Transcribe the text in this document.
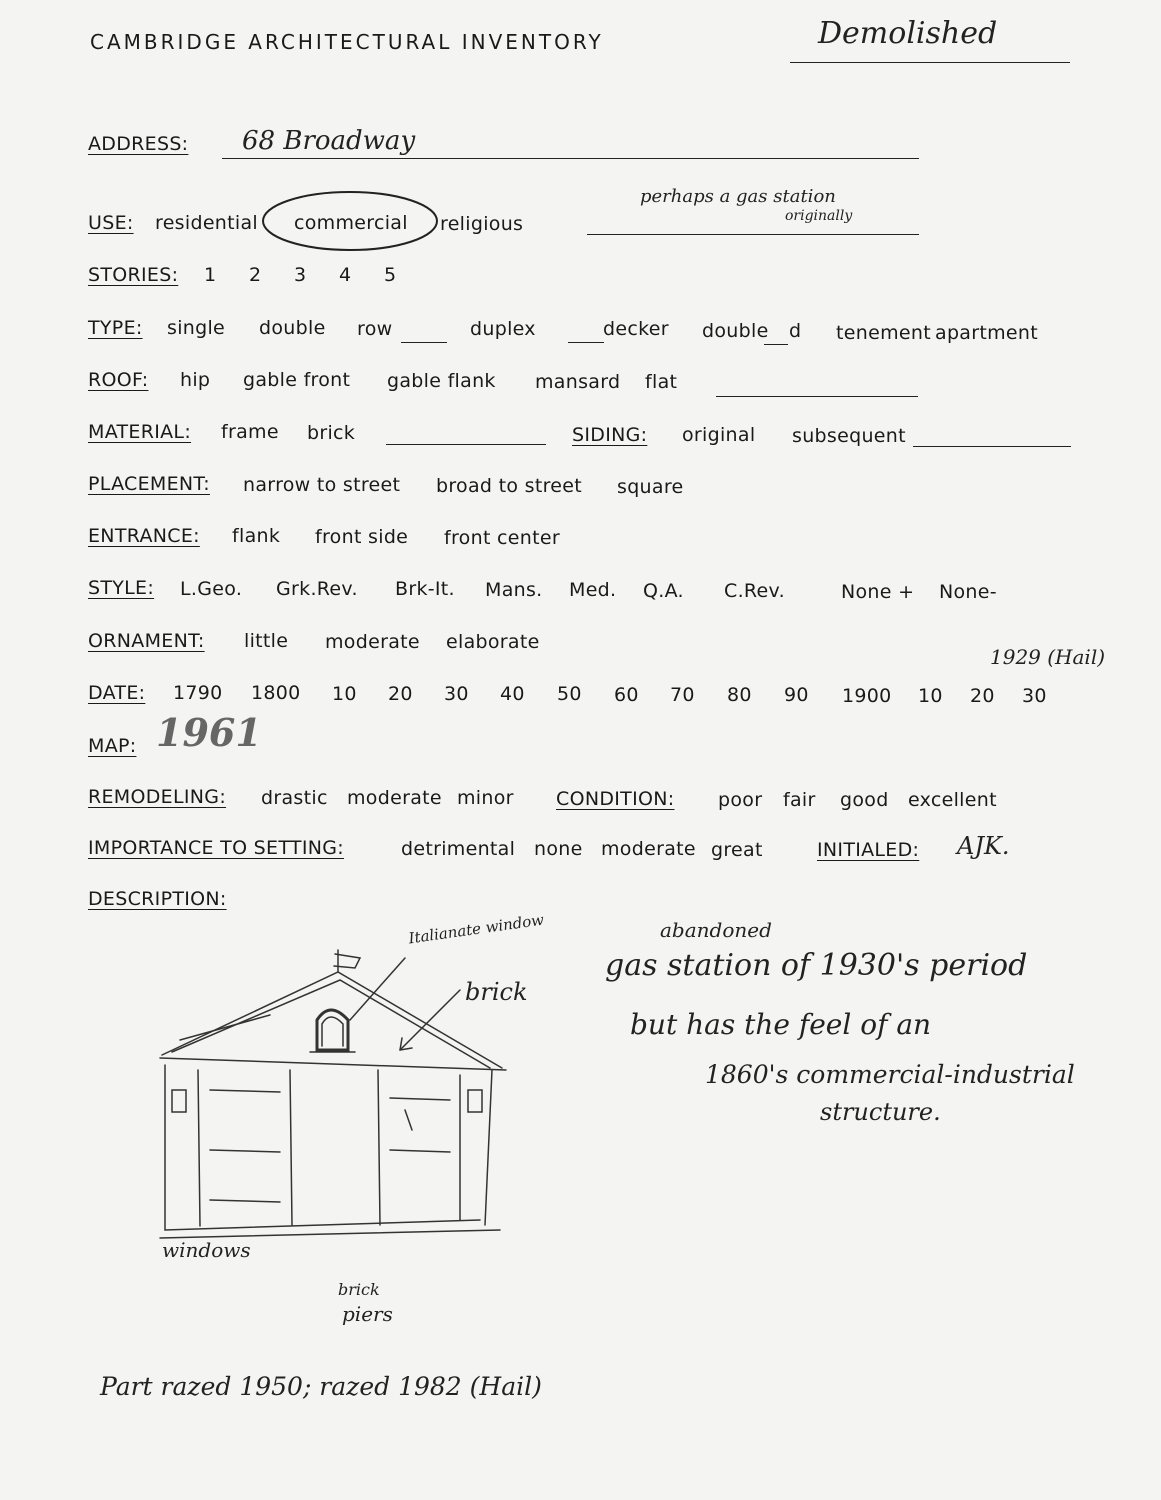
CAMBRIDGE ARCHITECTURAL INVENTORY	Demolished
ADDRESS: 68 Broadway
USE: residential commercial religious
perhaps a gas station
originally
STORIES: 1 2 3 4 5
TYPE: single double row	duplex	decker double d tenement apartment
ROOF: hip gable front gable flank mansard flat
MATERIAL: frame brick	SIDING: original subsequent
PLACEMENT: narrow to street broad to street square
ENTRANCE: flank front side front center
STYLE: L.Geo. Grk.Rev. Brk-It. Mans. Med. Q.A. C.Rev.	None + None-
ORNAMENT: little moderate elaborate
DATE: 1790 1800 10 20 30 40 50 60 70 80 90 1900 10 20 30
1929 (Hail)
MAP: 1961
REMODELING: drastic moderate minor CONDITION: poor fair good excellent
IMPORTANCE TO SETTING:	detrimental none moderate great	INITIALED: AJK.
DESCRIPTION:
abandoned
gas station of 1930's period
but has the feel of an
1860's commercial-industrial
structure.
Italianate window
brick
windows
brick
piers
Part razed 1950; razed 1982 (Hail)
